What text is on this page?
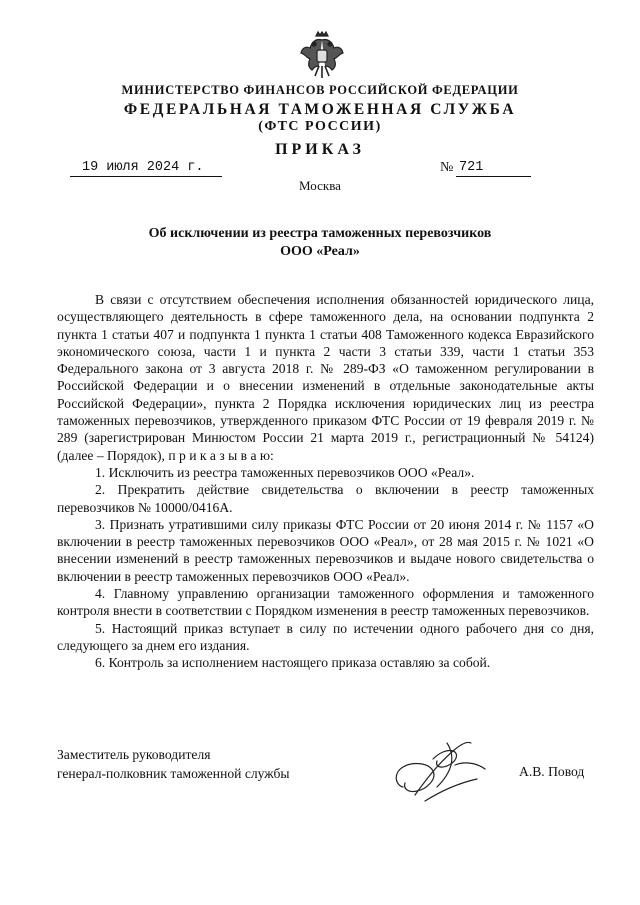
МИНИСТЕРСТВО ФИНАНСОВ РОССИЙСКОЙ ФЕДЕРАЦИИ
ФЕДЕРАЛЬНАЯ ТАМОЖЕННАЯ СЛУЖБА
(ФТС РОССИИ)
ПРИКАЗ
19 июля 2024 г.	№ 721
Москва
Об исключении из реестра таможенных перевозчиков
ООО «Реал»

В связи с отсутствием обеспечения исполнения обязанностей юридического лица, осуществляющего деятельность в сфере таможенного дела, на основании подпункта 2 пункта 1 статьи 407 и подпункта 1 пункта 1 статьи 408 Таможенного кодекса Евразийского экономического союза, части 1 и пункта 2 части 3 статьи 339, части 1 статьи 353 Федерального закона от 3 августа 2018 г. № 289-ФЗ «О таможенном регулировании в Российской Федерации и о внесении изменений в отдельные законодательные акты Российской Федерации», пункта 2 Порядка исключения юридических лиц из реестра таможенных перевозчиков, утвержденного приказом ФТС России от 19 февраля 2019 г. № 289 (зарегистрирован Минюстом России 21 марта 2019 г., регистрационный № 54124) (далее – Порядок), п р и к а з ы в а ю:

1. Исключить из реестра таможенных перевозчиков ООО «Реал».

2. Прекратить действие свидетельства о включении в реестр таможенных перевозчиков № 10000/0416А.

3. Признать утратившими силу приказы ФТС России от 20 июня 2014 г. № 1157 «О включении в реестр таможенных перевозчиков ООО «Реал», от 28 мая 2015 г. № 1021 «О внесении изменений в реестр таможенных перевозчиков и выдаче нового свидетельства о включении в реестр таможенных перевозчиков ООО «Реал».

4. Главному управлению организации таможенного оформления и таможенного контроля внести в соответствии с Порядком изменения в реестр таможенных перевозчиков.

5. Настоящий приказ вступает в силу по истечении одного рабочего дня со дня, следующего за днем его издания.

6. Контроль за исполнением настоящего приказа оставляю за собой.

Заместитель руководителя
генерал-полковник таможенной службы	А.В. Повод
